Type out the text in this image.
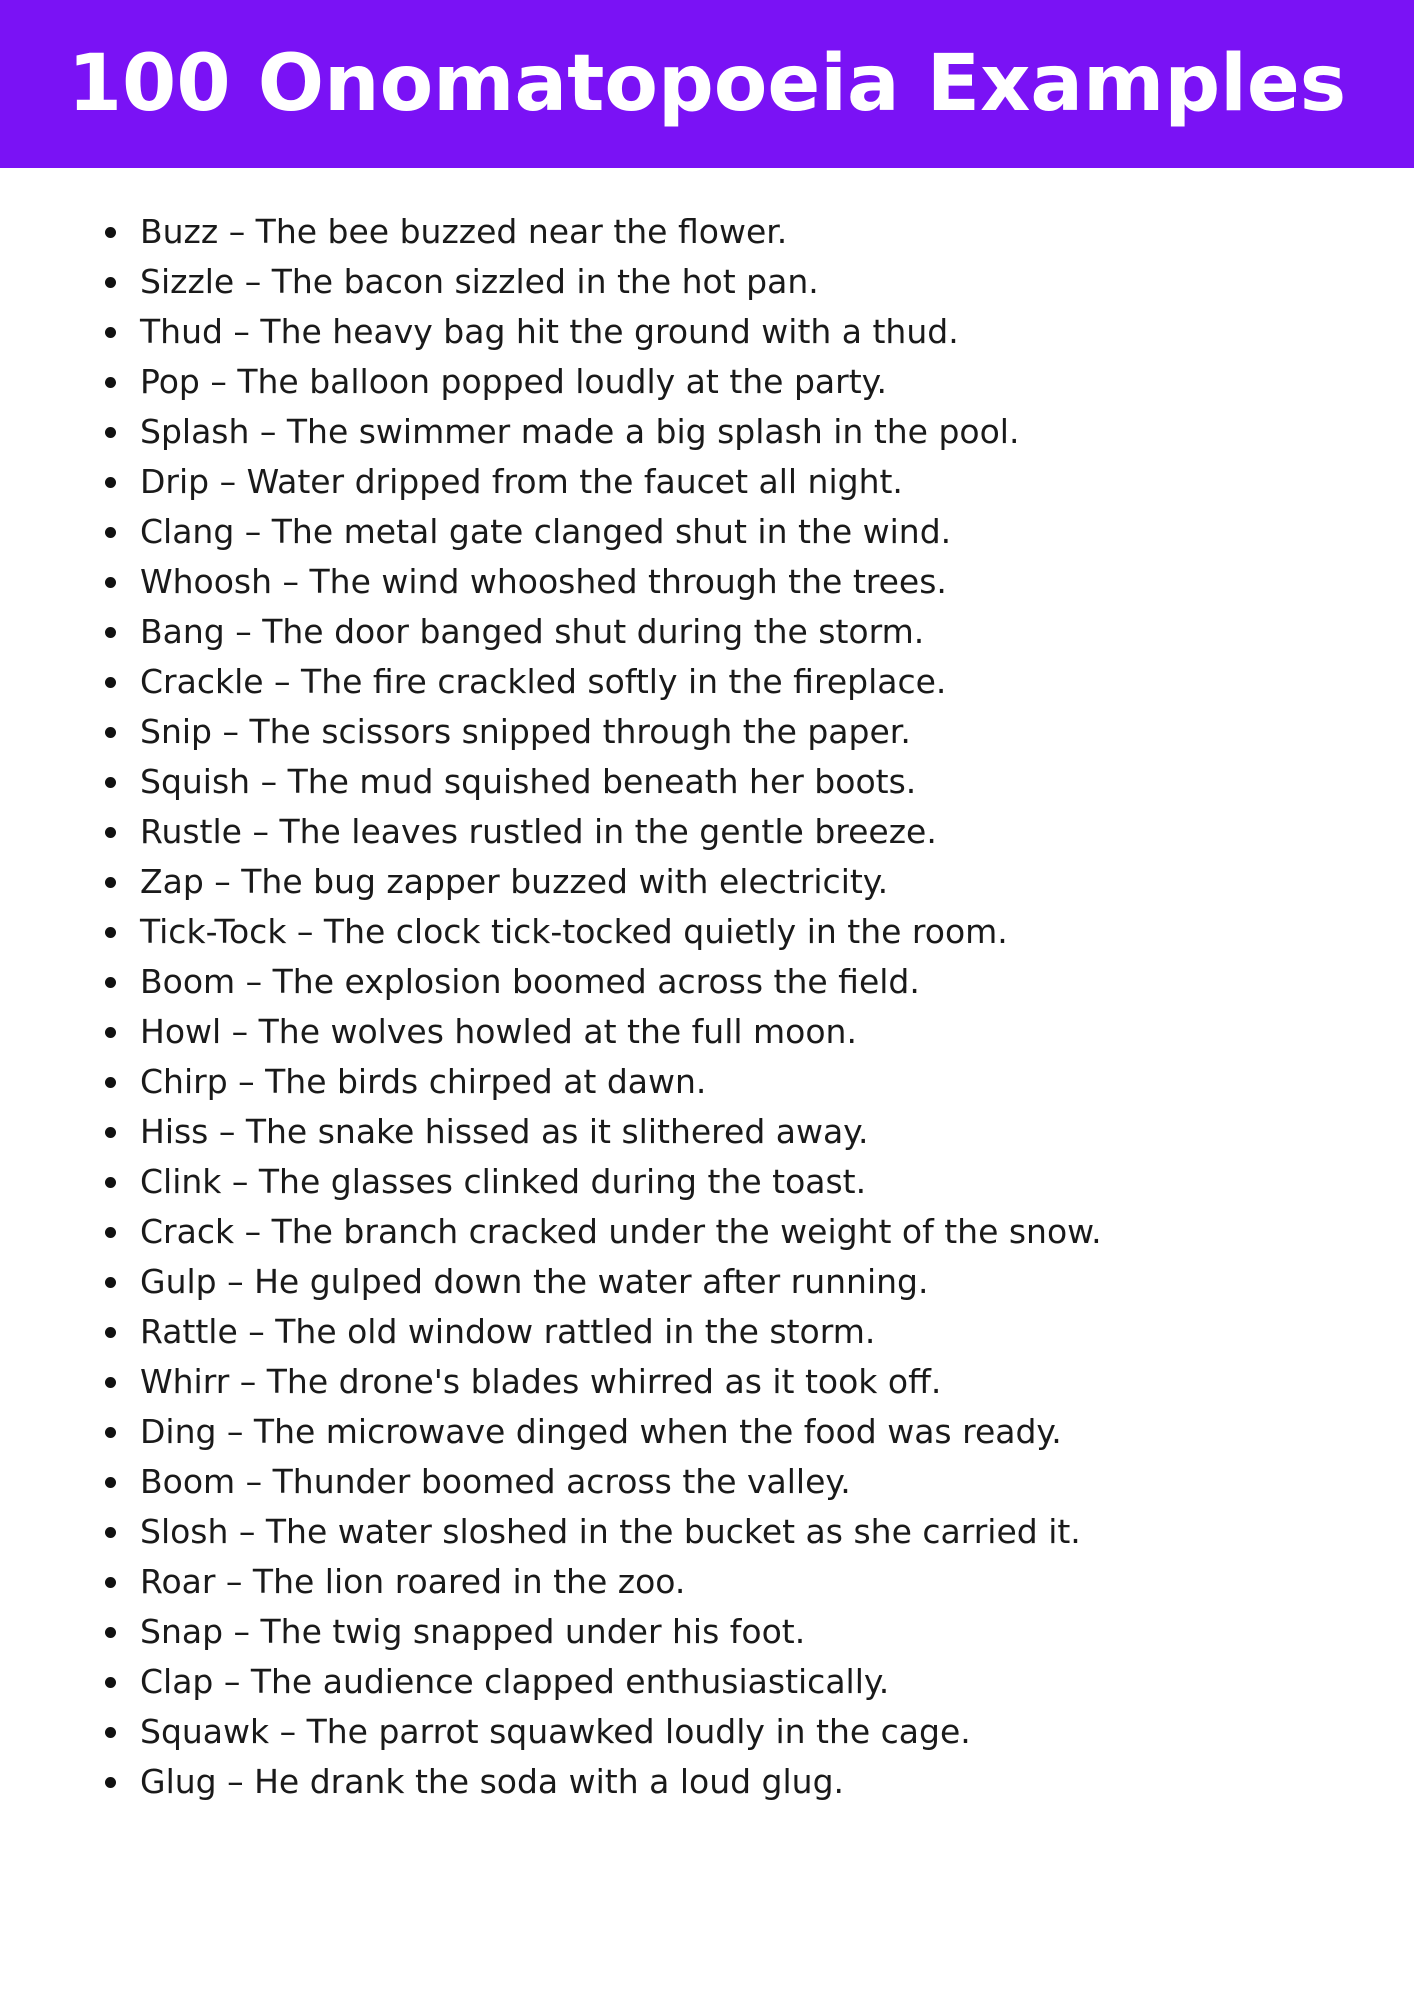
100 Onomatopoeia Examples
Buzz – The bee buzzed near the flower.
Sizzle – The bacon sizzled in the hot pan.
Thud – The heavy bag hit the ground with a thud.
Pop – The balloon popped loudly at the party.
Splash – The swimmer made a big splash in the pool.
Drip – Water dripped from the faucet all night.
Clang – The metal gate clanged shut in the wind.
Whoosh – The wind whooshed through the trees.
Bang – The door banged shut during the storm.
Crackle – The fire crackled softly in the fireplace.
Snip – The scissors snipped through the paper.
Squish – The mud squished beneath her boots.
Rustle – The leaves rustled in the gentle breeze.
Zap – The bug zapper buzzed with electricity.
Tick-Tock – The clock tick-tocked quietly in the room.
Boom – The explosion boomed across the field.
Howl – The wolves howled at the full moon.
Chirp – The birds chirped at dawn.
Hiss – The snake hissed as it slithered away.
Clink – The glasses clinked during the toast.
Crack – The branch cracked under the weight of the snow.
Gulp – He gulped down the water after running.
Rattle – The old window rattled in the storm.
Whirr – The drone's blades whirred as it took off.
Ding – The microwave dinged when the food was ready.
Boom – Thunder boomed across the valley.
Slosh – The water sloshed in the bucket as she carried it.
Roar – The lion roared in the zoo.
Snap – The twig snapped under his foot.
Clap – The audience clapped enthusiastically.
Squawk – The parrot squawked loudly in the cage.
Glug – He drank the soda with a loud glug.
